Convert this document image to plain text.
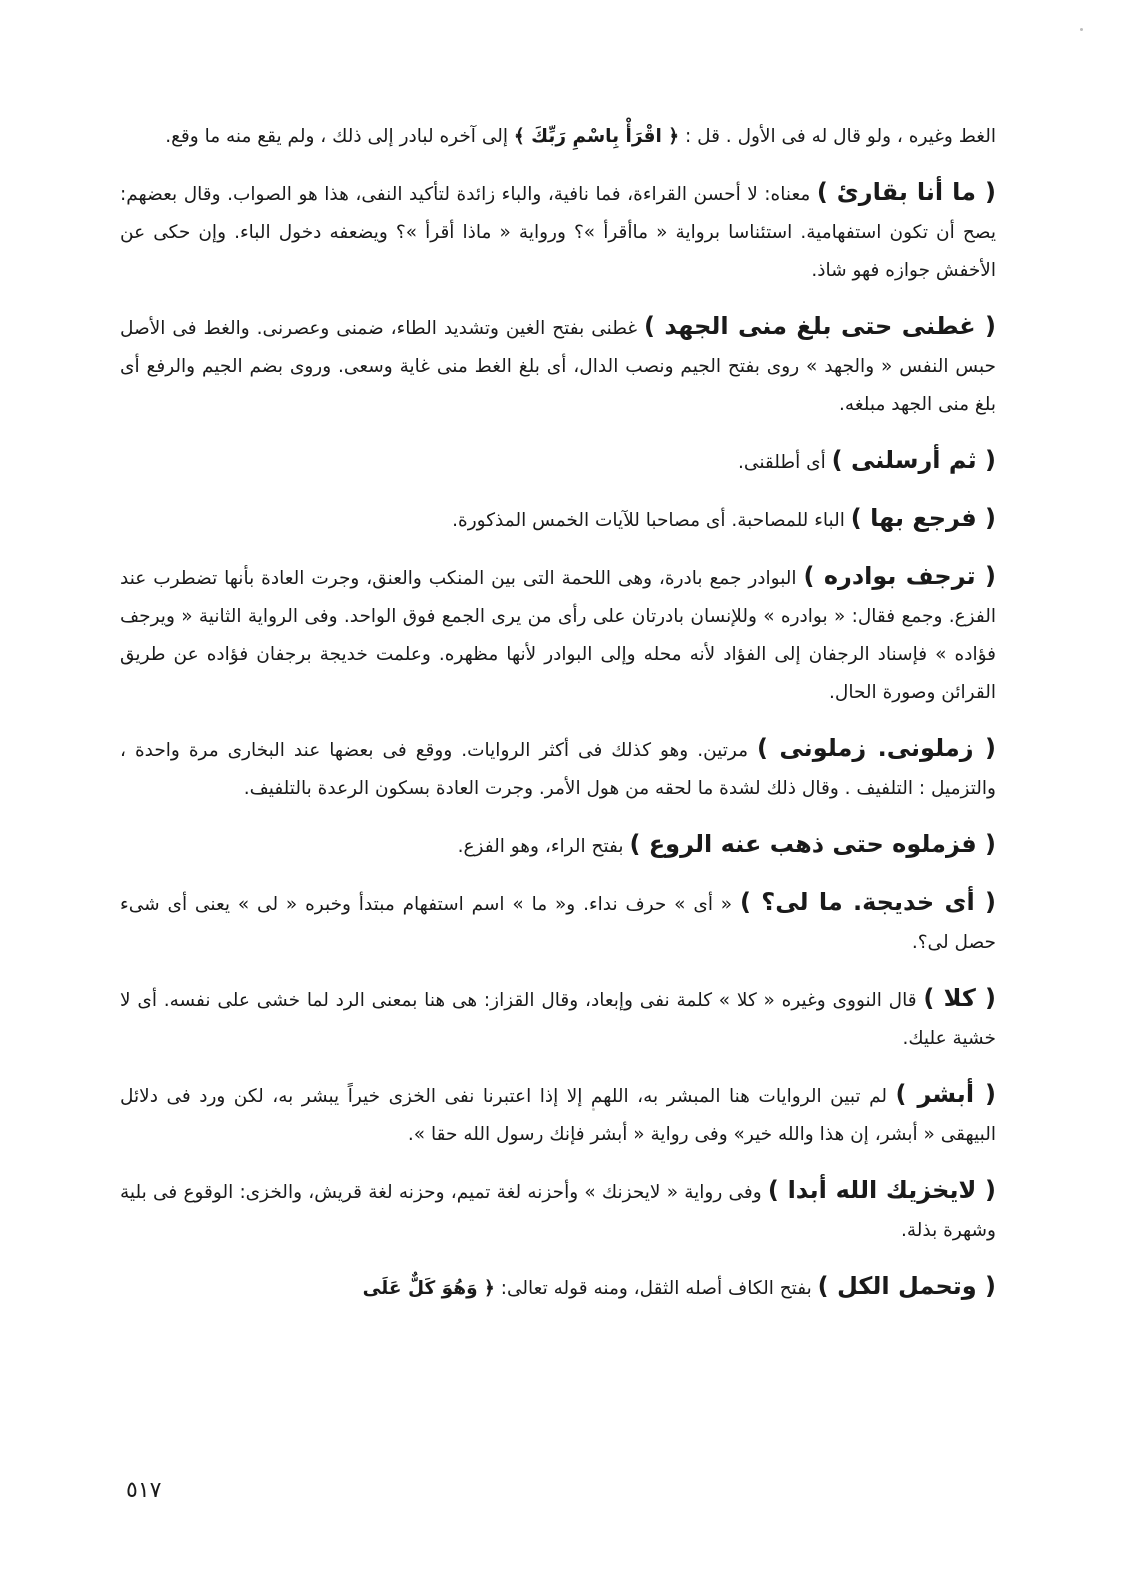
الغط وغيره ، ولو قال له فى الأول . قل : ﴿ اقْرَأْ بِاسْمِ رَبِّكَ ﴾ إلى آخره لبادر إلى ذلك ، ولم يقع منه ما وقع.

( ما أنا بقارئ ) معناه: لا أحسن القراءة، فما نافية، والباء زائدة لتأكيد النفى، هذا هو الصواب. وقال بعضهم: يصح أن تكون استفهامية. استئناسا برواية « ماأقرأ »؟ ورواية « ماذا أقرأ »؟ ويضعفه دخول الباء. وإن حكى عن الأخفش جوازه فهو شاذ.

( غطنى حتى بلغ منى الجهد ) غطنى بفتح الغين وتشديد الطاء، ضمنى وعصرنى. والغط فى الأصل حبس النفس « والجهد » روى بفتح الجيم ونصب الدال، أى بلغ الغط منى غاية وسعى. وروى بضم الجيم والرفع أى بلغ منى الجهد مبلغه.

( ثم أرسلنى ) أى أطلقنى.

( فرجع بها ) الباء للمصاحبة. أى مصاحبا للآيات الخمس المذكورة.

( ترجف بوادره ) البوادر جمع بادرة، وهى اللحمة التى بين المنكب والعنق، وجرت العادة بأنها تضطرب عند الفزع. وجمع فقال: « بوادره » وللإنسان بادرتان على رأى من يرى الجمع فوق الواحد. وفى الرواية الثانية « ويرجف فؤاده » فإسناد الرجفان إلى الفؤاد لأنه محله وإلى البوادر لأنها مظهره. وعلمت خديجة برجفان فؤاده عن طريق القرائن وصورة الحال.

( زملونى. زملونى ) مرتين. وهو كذلك فى أكثر الروايات. ووقع فى بعضها عند البخارى مرة واحدة ، والتزميل : التلفيف . وقال ذلك لشدة ما لحقه من هول الأمر. وجرت العادة بسكون الرعدة بالتلفيف.

( فزملوه حتى ذهب عنه الروع ) بفتح الراء، وهو الفزع.

( أى خديجة. ما لى؟ ) « أى » حرف نداء. و« ما » اسم استفهام مبتدأ وخبره « لى » يعنى أى شىء حصل لى؟.

( كلا ) قال النووى وغيره « كلا » كلمة نفى وإبعاد، وقال القزاز: هى هنا بمعنى الرد لما خشى على نفسه. أى لا خشية عليك.

( أبشر ) لم تبين الروايات هنا المبشر به، اللهم إلا إذا اعتبرنا نفى الخزى خيراً يبشر به، لكن ورد فى دلائل البيهقى « أبشر، إن هذا والله خير» وفى رواية « أبشر فإنك رسول الله حقا ».

( لايخزيك الله أبدا ) وفى رواية « لايحزنك » وأحزنه لغة تميم، وحزنه لغة قريش، والخزى: الوقوع فى بلية وشهرة بذلة.

( وتحمل الكل ) بفتح الكاف أصله الثقل، ومنه قوله تعالى: ﴿ وَهُوَ كَلٌّ عَلَى

٥١٧
